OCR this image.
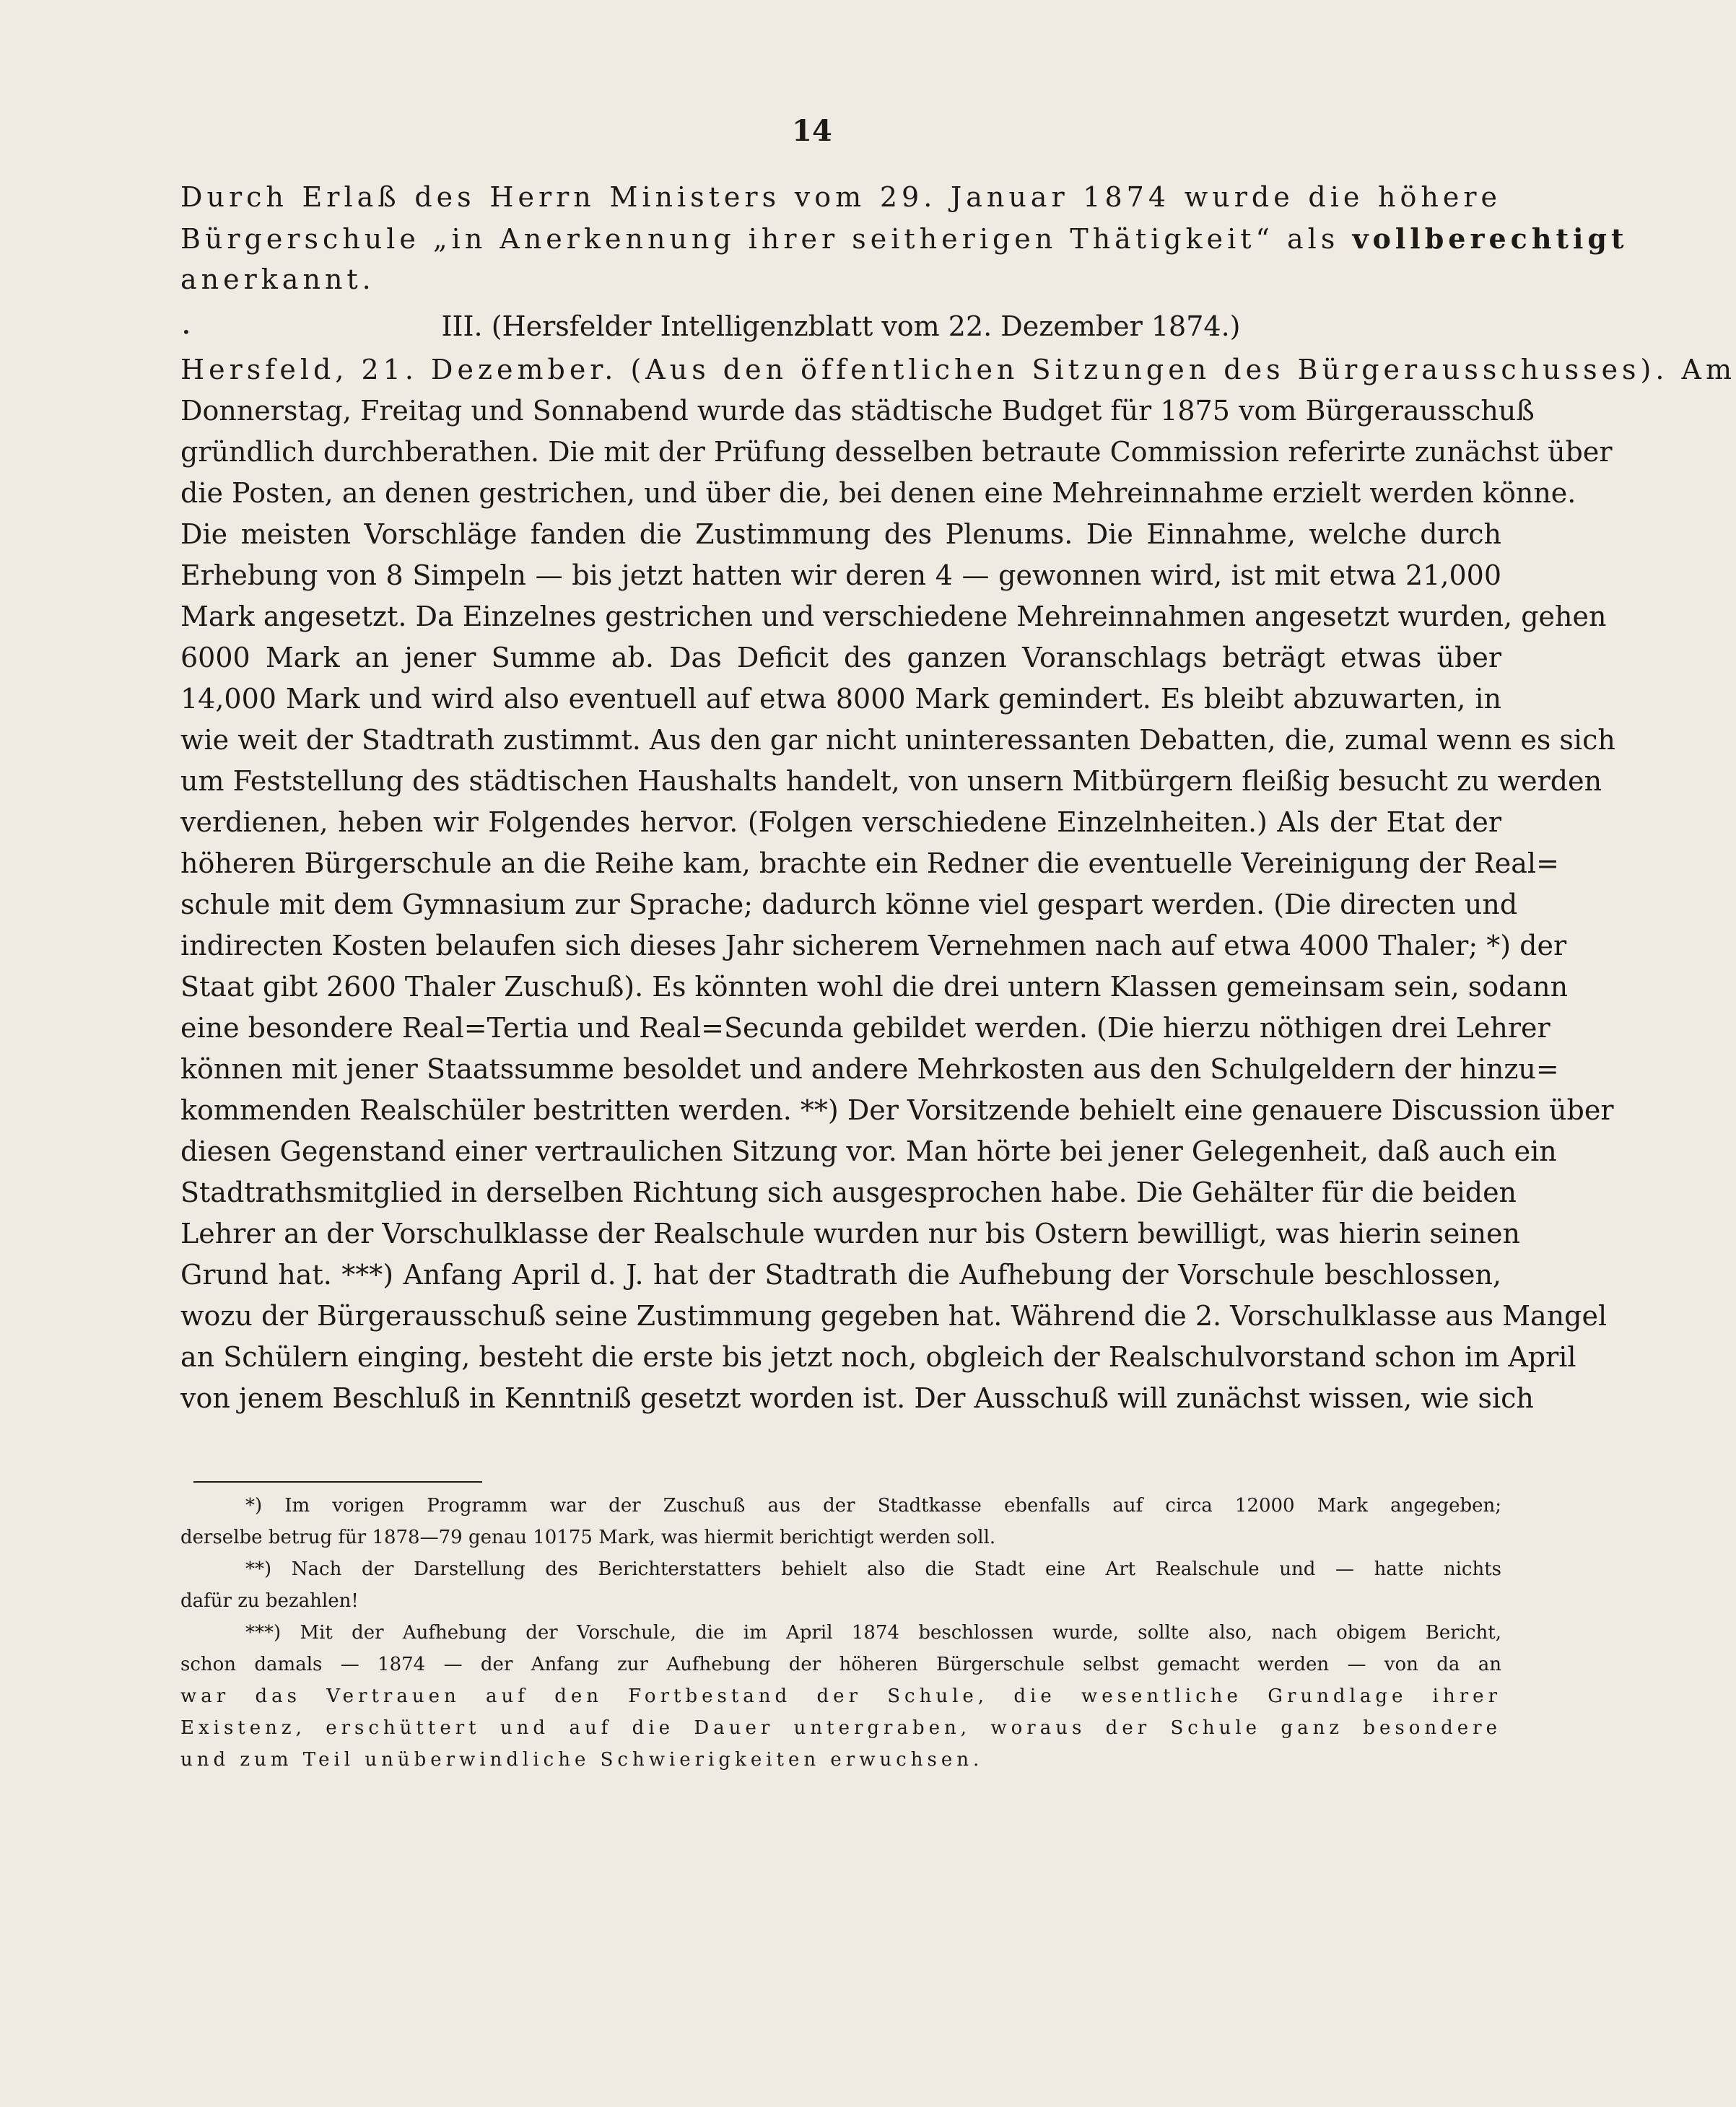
14
Durch Erlaß des Herrn Ministers vom 29. Januar 1874 wurde die höhere
Bürgerschule „in Anerkennung ihrer seitherigen Thätigkeit“ als vollberechtigt
anerkannt.
•	III. (Hersfelder Intelligenzblatt vom 22. Dezember 1874.)
Hersfeld, 21. Dezember. (Aus den öffentlichen Sitzungen des Bürgerausschusses). Am
Donnerstag, Freitag und Sonnabend wurde das städtische Budget für 1875 vom Bürgerausschuß
gründlich durchberathen. Die mit der Prüfung desselben betraute Commission referirte zunächst über
die Posten, an denen gestrichen, und über die, bei denen eine Mehreinnahme erzielt werden könne.
Die meisten Vorschläge fanden die Zustimmung des Plenums. Die Einnahme, welche durch
Erhebung von 8 Simpeln — bis jetzt hatten wir deren 4 — gewonnen wird, ist mit etwa 21,000
Mark angesetzt. Da Einzelnes gestrichen und verschiedene Mehreinnahmen angesetzt wurden, gehen
6000 Mark an jener Summe ab. Das Deficit des ganzen Voranschlags beträgt etwas über
14,000 Mark und wird also eventuell auf etwa 8000 Mark gemindert. Es bleibt abzuwarten, in
wie weit der Stadtrath zustimmt. Aus den gar nicht uninteressanten Debatten, die, zumal wenn es sich
um Feststellung des städtischen Haushalts handelt, von unsern Mitbürgern fleißig besucht zu werden
verdienen, heben wir Folgendes hervor. (Folgen verschiedene Einzelnheiten.) Als der Etat der
höheren Bürgerschule an die Reihe kam, brachte ein Redner die eventuelle Vereinigung der Real=
schule mit dem Gymnasium zur Sprache; dadurch könne viel gespart werden. (Die directen und
indirecten Kosten belaufen sich dieses Jahr sicherem Vernehmen nach auf etwa 4000 Thaler; *) der
Staat gibt 2600 Thaler Zuschuß). Es könnten wohl die drei untern Klassen gemeinsam sein, sodann
eine besondere Real=Tertia und Real=Secunda gebildet werden. (Die hierzu nöthigen drei Lehrer
können mit jener Staatssumme besoldet und andere Mehrkosten aus den Schulgeldern der hinzu=
kommenden Realschüler bestritten werden. **) Der Vorsitzende behielt eine genauere Discussion über
diesen Gegenstand einer vertraulichen Sitzung vor. Man hörte bei jener Gelegenheit, daß auch ein
Stadtrathsmitglied in derselben Richtung sich ausgesprochen habe. Die Gehälter für die beiden
Lehrer an der Vorschulklasse der Realschule wurden nur bis Ostern bewilligt, was hierin seinen
Grund hat. ***) Anfang April d. J. hat der Stadtrath die Aufhebung der Vorschule beschlossen,
wozu der Bürgerausschuß seine Zustimmung gegeben hat. Während die 2. Vorschulklasse aus Mangel
an Schülern einging, besteht die erste bis jetzt noch, obgleich der Realschulvorstand schon im April
von jenem Beschluß in Kenntniß gesetzt worden ist. Der Ausschuß will zunächst wissen, wie sich
*) Im vorigen Programm war der Zuschuß aus der Stadtkasse ebenfalls auf circa 12000 Mark angegeben;
derselbe betrug für 1878—79 genau 10175 Mark, was hiermit berichtigt werden soll.
**) Nach der Darstellung des Berichterstatters behielt also die Stadt eine Art Realschule und — hatte nichts
dafür zu bezahlen!
***) Mit der Aufhebung der Vorschule, die im April 1874 beschlossen wurde, sollte also, nach obigem Bericht,
schon damals — 1874 — der Anfang zur Aufhebung der höheren Bürgerschule selbst gemacht werden — von da an
war das Vertrauen auf den Fortbestand der Schule, die wesentliche Grundlage ihrer
Existenz, erschüttert und auf die Dauer untergraben, woraus der Schule ganz besondere
und zum Teil unüberwindliche Schwierigkeiten erwuchsen.
